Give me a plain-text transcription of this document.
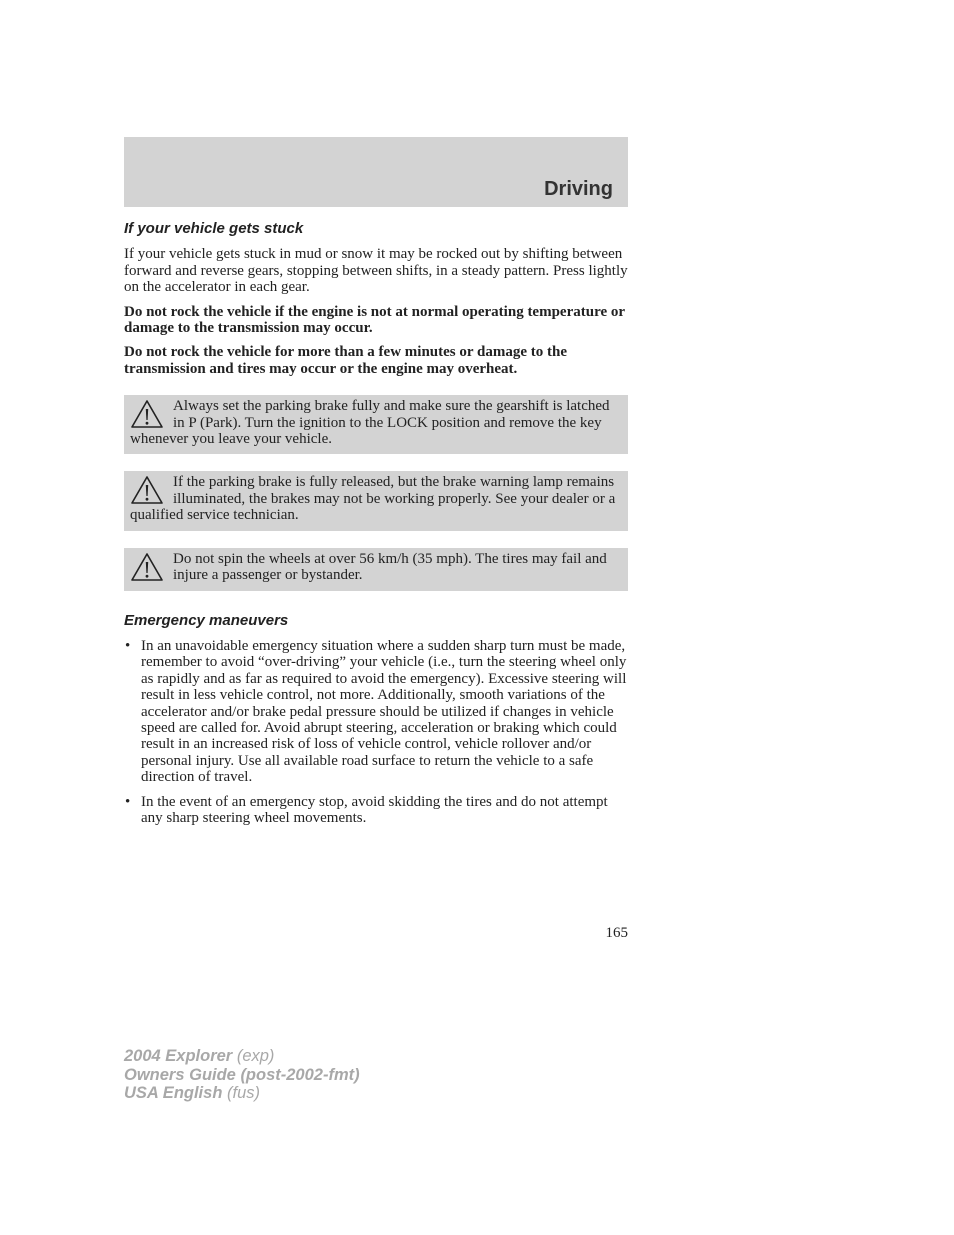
Driving
If your vehicle gets stuck

If your vehicle gets stuck in mud or snow it may be rocked out by shifting between forward and reverse gears, stopping between shifts, in a steady pattern. Press lightly on the accelerator in each gear.

Do not rock the vehicle if the engine is not at normal operating temperature or damage to the transmission may occur.

Do not rock the vehicle for more than a few minutes or damage to the transmission and tires may occur or the engine may overheat.

Always set the parking brake fully and make sure the gearshift is latched in P (Park). Turn the ignition to the LOCK position and remove the key whenever you leave your vehicle.

If the parking brake is fully released, but the brake warning lamp remains illuminated, the brakes may not be working properly. See your dealer or a qualified service technician.

Do not spin the wheels at over 56 km/h (35 mph). The tires may fail and injure a passenger or bystander.

Emergency maneuvers
• In an unavoidable emergency situation where a sudden sharp turn must be made, remember to avoid “over-driving” your vehicle (i.e., turn the steering wheel only as rapidly and as far as required to avoid the emergency). Excessive steering will result in less vehicle control, not more. Additionally, smooth variations of the accelerator and/or brake pedal pressure should be utilized if changes in vehicle speed are called for. Avoid abrupt steering, acceleration or braking which could result in an increased risk of loss of vehicle control, vehicle rollover and/or personal injury. Use all available road surface to return the vehicle to a safe direction of travel.
• In the event of an emergency stop, avoid skidding the tires and do not attempt any sharp steering wheel movements.

165

2004 Explorer (exp)
Owners Guide (post-2002-fmt)
USA English (fus)
